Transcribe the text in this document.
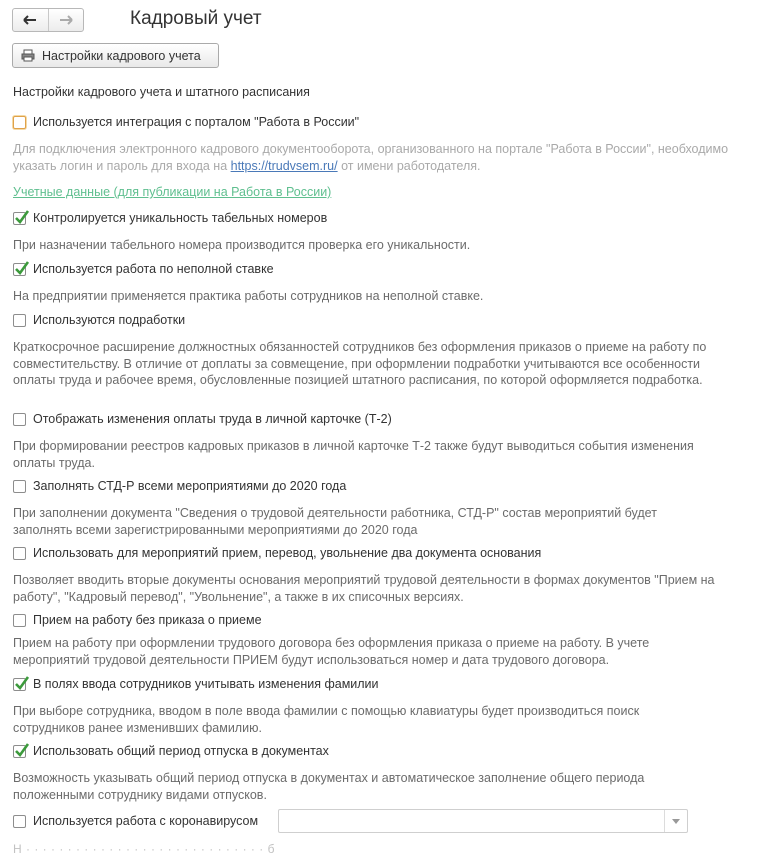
Кадровый учет
Настройки кадрового учета
Настройки кадрового учета и штатного расписания
Используется интеграция с порталом "Работа в России"
Для подключения электронного кадрового документооборота, организованного на портале "Работа в России", необходимо указать логин и пароль для входа на https://trudvsem.ru/ от имени работодателя.
Учетные данные (для публикации на Работа в России)
Контролируется уникальность табельных номеров
При назначении табельного номера производится проверка его уникальности.
Используется работа по неполной ставке
На предприятии применяется практика работы сотрудников на неполной ставке.
Используются подработки
Краткосрочное расширение должностных обязанностей сотрудников без оформления приказов о приеме на работу по совместительству. В отличие от доплаты за совмещение, при оформлении подработки учитываются все особенности оплаты труда и рабочее время, обусловленные позицией штатного расписания, по которой оформляется подработка.
Отображать изменения оплаты труда в личной карточке (Т-2)
При формировании реестров кадровых приказов в личной карточке Т-2 также будут выводиться события изменения оплаты труда.
Заполнять СТД-Р всеми мероприятиями до 2020 года
При заполнении документа "Сведения о трудовой деятельности работника, СТД-Р" состав мероприятий будет заполнять всеми зарегистрированными мероприятиями до 2020 года
Использовать для мероприятий прием, перевод, увольнение два документа основания
Позволяет вводить вторые документы основания мероприятий трудовой деятельности в формах документов "Прием на работу", "Кадровый перевод", "Увольнение", а также в их списочных версиях.
Прием на работу без приказа о приеме
Прием на работу при оформлении трудового договора без оформления приказа о приеме на работу. В учете мероприятий трудовой деятельности ПРИЕМ будут использоваться номер и дата трудового договора.
В полях ввода сотрудников учитывать изменения фамилии
При выборе сотрудника, вводом в поле ввода фамилии с помощью клавиатуры будет производиться поиск сотрудников ранее изменивших фамилию.
Использовать общий период отпуска в документах
Возможность указывать общий период отпуска в документах и автоматическое заполнение общего периода положенными сотруднику видами отпусков.
Используется работа с коронавирусом
Н · · · · · · · · · · · · · · · · · · · · · · · · · · · · · б
